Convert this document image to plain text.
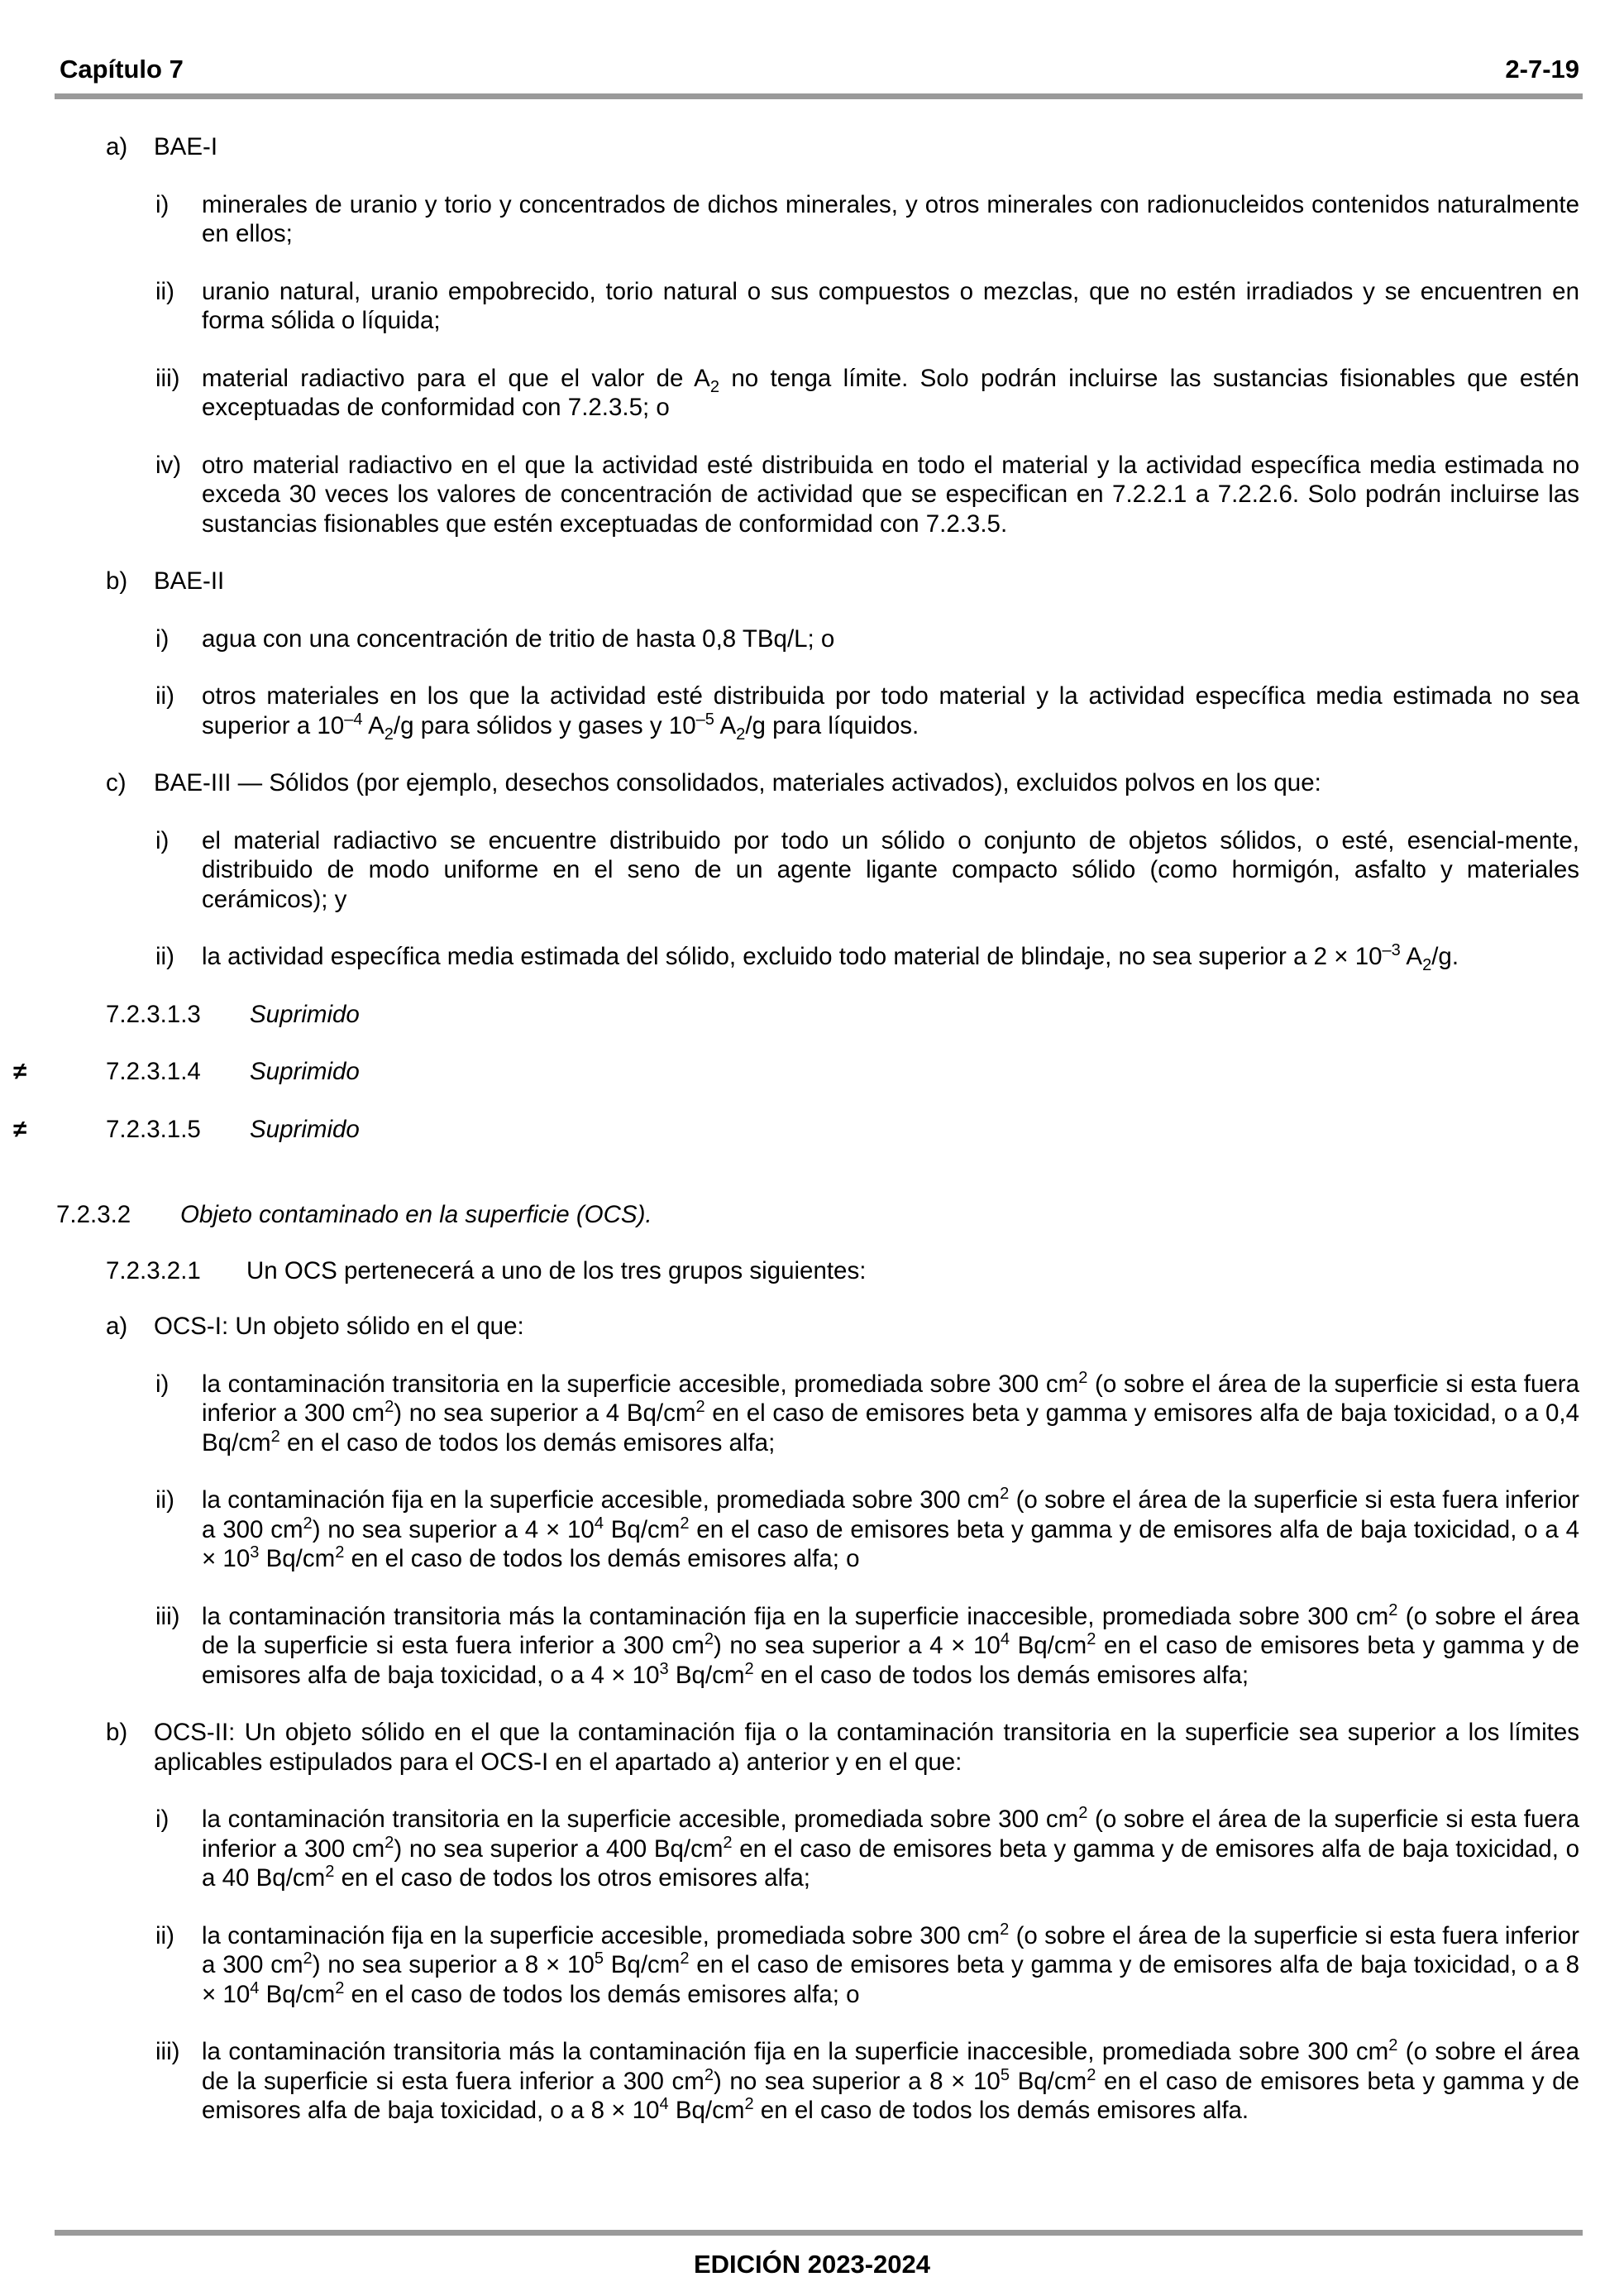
Capítulo 7	2-7-19

a) BAE-I

i) minerales de uranio y torio y concentrados de dichos minerales, y otros minerales con radionucleidos contenidos naturalmente en ellos;

ii) uranio natural, uranio empobrecido, torio natural o sus compuestos o mezclas, que no estén irradiados y se encuentren en forma sólida o líquida;

iii) material radiactivo para el que el valor de $A_2$ no tenga límite. Solo podrán incluirse las sustancias fisionables que estén exceptuadas de conformidad con 7.2.3.5; o

iv) otro material radiactivo en el que la actividad esté distribuida en todo el material y la actividad específica media estimada no exceda 30 veces los valores de concentración de actividad que se especifican en 7.2.2.1 a 7.2.2.6. Solo podrán incluirse las sustancias fisionables que estén exceptuadas de conformidad con 7.2.3.5.

b) BAE-II

i) agua con una concentración de tritio de hasta 0,8 TBq/L; o

ii) otros materiales en los que la actividad esté distribuida por todo material y la actividad específica media estimada no sea superior a $10^{-4}$ $A_2/g$ para sólidos y gases y $10^{-5}$ $A_2/g$ para líquidos.

c) BAE-III — Sólidos (por ejemplo, desechos consolidados, materiales activados), excluidos polvos en los que:

i) el material radiactivo se encuentre distribuido por todo un sólido o conjunto de objetos sólidos, o esté, esencial-mente, distribuido de modo uniforme en el seno de un agente ligante compacto sólido (como hormigón, asfalto y materiales cerámicos); y

ii) la actividad específica media estimada del sólido, excluido todo material de blindaje, no sea superior a $2 \times 10^{-3}$ $A_2/g$.

7.2.3.1.3 Suprimido

≠	7.2.3.1.4 Suprimido

≠	7.2.3.1.5 Suprimido

7.2.3.2 Objeto contaminado en la superficie (OCS).

7.2.3.2.1 Un OCS pertenecerá a uno de los tres grupos siguientes:

a) OCS-I: Un objeto sólido en el que:

i) la contaminación transitoria en la superficie accesible, promediada sobre 300 $cm^2$ (o sobre el área de la superficie si esta fuera inferior a 300 $cm^2$) no sea superior a 4 $Bq/cm^2$ en el caso de emisores beta y gamma y emisores alfa de baja toxicidad, o a 0,4 $Bq/cm^2$ en el caso de todos los demás emisores alfa;

ii) la contaminación fija en la superficie accesible, promediada sobre 300 $cm^2$ (o sobre el área de la superficie si esta fuera inferior a 300 $cm^2$) no sea superior a $4 \times 10^4$ $Bq/cm^2$ en el caso de emisores beta y gamma y de emisores alfa de baja toxicidad, o a $4 \times 10^3$ $Bq/cm^2$ en el caso de todos los demás emisores alfa; o

iii) la contaminación transitoria más la contaminación fija en la superficie inaccesible, promediada sobre 300 $cm^2$ (o sobre el área de la superficie si esta fuera inferior a 300 $cm^2$) no sea superior a $4 \times 10^4$ $Bq/cm^2$ en el caso de emisores beta y gamma y de emisores alfa de baja toxicidad, o a $4 \times 10^3$ $Bq/cm^2$ en el caso de todos los demás emisores alfa;

b) OCS-II: Un objeto sólido en el que la contaminación fija o la contaminación transitoria en la superficie sea superior a los límites aplicables estipulados para el OCS-I en el apartado a) anterior y en el que:

i) la contaminación transitoria en la superficie accesible, promediada sobre 300 $cm^2$ (o sobre el área de la superficie si esta fuera inferior a 300 $cm^2$) no sea superior a 400 $Bq/cm^2$ en el caso de emisores beta y gamma y de emisores alfa de baja toxicidad, o a 40 $Bq/cm^2$ en el caso de todos los otros emisores alfa;

ii) la contaminación fija en la superficie accesible, promediada sobre 300 $cm^2$ (o sobre el área de la superficie si esta fuera inferior a 300 $cm^2$) no sea superior a $8 \times 10^5$ $Bq/cm^2$ en el caso de emisores beta y gamma y de emisores alfa de baja toxicidad, o a $8 \times 10^4$ $Bq/cm^2$ en el caso de todos los demás emisores alfa; o

iii) la contaminación transitoria más la contaminación fija en la superficie inaccesible, promediada sobre 300 $cm^2$ (o sobre el área de la superficie si esta fuera inferior a 300 $cm^2$) no sea superior a $8 \times 10^5$ $Bq/cm^2$ en el caso de emisores beta y gamma y de emisores alfa de baja toxicidad, o a $8 \times 10^4$ $Bq/cm^2$ en el caso de todos los demás emisores alfa.

EDICIÓN 2023-2024
